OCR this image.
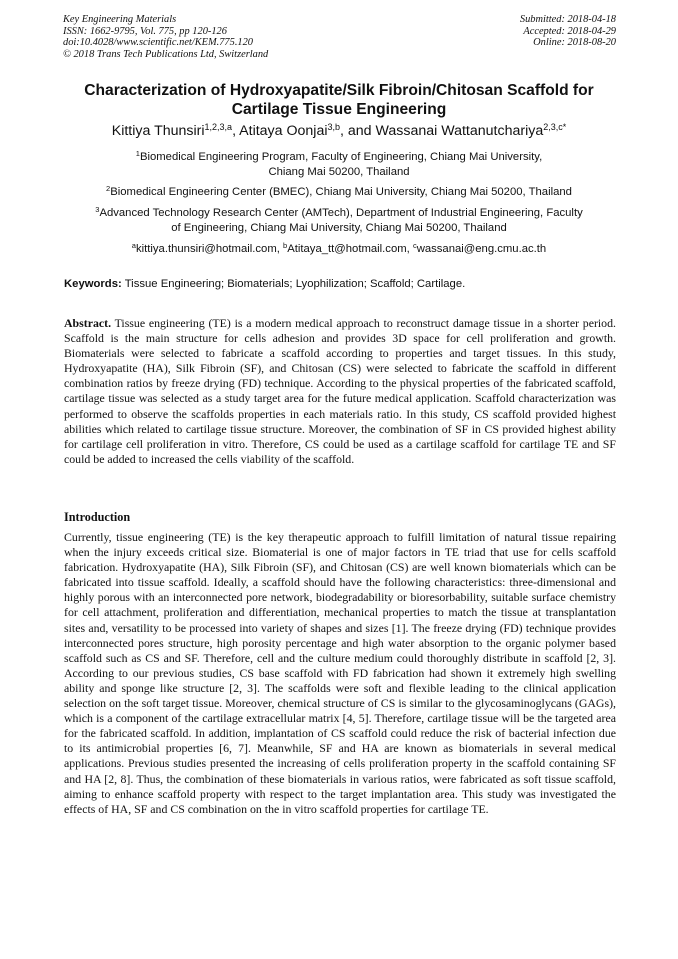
Key Engineering Materials
ISSN: 1662-9795, Vol. 775, pp 120-126
doi:10.4028/www.scientific.net/KEM.775.120
© 2018 Trans Tech Publications Ltd, Switzerland
Submitted: 2018-04-18
Accepted: 2018-04-29
Online: 2018-08-20
Characterization of Hydroxyapatite/Silk Fibroin/Chitosan Scaffold for
Cartilage Tissue Engineering
Kittiya Thunsiri$^{1,2,3,a}$, Atitaya Oonjai$^{3,b}$, and Wassanai Wattanutchariya$^{2,3,c*}$
$^1$Biomedical Engineering Program, Faculty of Engineering, Chiang Mai University,
Chiang Mai 50200, Thailand
$^2$Biomedical Engineering Center (BMEC), Chiang Mai University, Chiang Mai 50200, Thailand
$^3$Advanced Technology Research Center (AMTech), Department of Industrial Engineering, Faculty
of Engineering, Chiang Mai University, Chiang Mai 50200, Thailand
$^a$kittiya.thunsiri@hotmail.com, $^b$Atitaya_tt@hotmail.com, $^c$wassanai@eng.cmu.ac.th
Keywords: Tissue Engineering; Biomaterials; Lyophilization; Scaffold; Cartilage.
Abstract. Tissue engineering (TE) is a modern medical approach to reconstruct damage tissue in a shorter period. Scaffold is the main structure for cells adhesion and provides 3D space for cell proliferation and growth. Biomaterials were selected to fabricate a scaffold according to properties and target tissues. In this study, Hydroxyapatite (HA), Silk Fibroin (SF), and Chitosan (CS) were selected to fabricate the scaffold in different combination ratios by freeze drying (FD) technique. According to the physical properties of the fabricated scaffold, cartilage tissue was selected as a study target area for the future medical application. Scaffold characterization was performed to observe the scaffolds properties in each materials ratio. In this study, CS scaffold provided highest abilities which related to cartilage tissue structure. Moreover, the combination of SF in CS provided highest ability for cartilage cell proliferation in vitro. Therefore, CS could be used as a cartilage scaffold for cartilage TE and SF could be added to increased the cells viability of the scaffold.
Introduction
Currently, tissue engineering (TE) is the key therapeutic approach to fulfill limitation of natural tissue repairing when the injury exceeds critical size. Biomaterial is one of major factors in TE triad that use for cells scaffold fabrication. Hydroxyapatite (HA), Silk Fibroin (SF), and Chitosan (CS) are well known biomaterials which can be fabricated into tissue scaffold. Ideally, a scaffold should have the following characteristics: three-dimensional and highly porous with an interconnected pore network, biodegradability or bioresorbability, suitable surface chemistry for cell attachment, proliferation and differentiation, mechanical properties to match the tissue at transplantation sites and, versatility to be processed into variety of shapes and sizes [1]. The freeze drying (FD) technique provides interconnected pores structure, high porosity percentage and high water absorption to the organic polymer based scaffold such as CS and SF. Therefore, cell and the culture medium could thoroughly distribute in scaffold [2, 3]. According to our previous studies, CS base scaffold with FD fabrication had shown it extremely high swelling ability and sponge like structure [2, 3]. The scaffolds were soft and flexible leading to the clinical application selection on the soft target tissue. Moreover, chemical structure of CS is similar to the glycosaminoglycans (GAGs), which is a component of the cartilage extracellular matrix [4, 5]. Therefore, cartilage tissue will be the targeted area for the fabricated scaffold. In addition, implantation of CS scaffold could reduce the risk of bacterial infection due to its antimicrobial properties [6, 7]. Meanwhile, SF and HA are known as biomaterials in several medical applications. Previous studies presented the increasing of cells proliferation property in the scaffold containing SF and HA [2, 8]. Thus, the combination of these biomaterials in various ratios, were fabricated as soft tissue scaffold, aiming to enhance scaffold property with respect to the target implantation area. This study was investigated the effects of HA, SF and CS combination on the in vitro scaffold properties for cartilage TE.
